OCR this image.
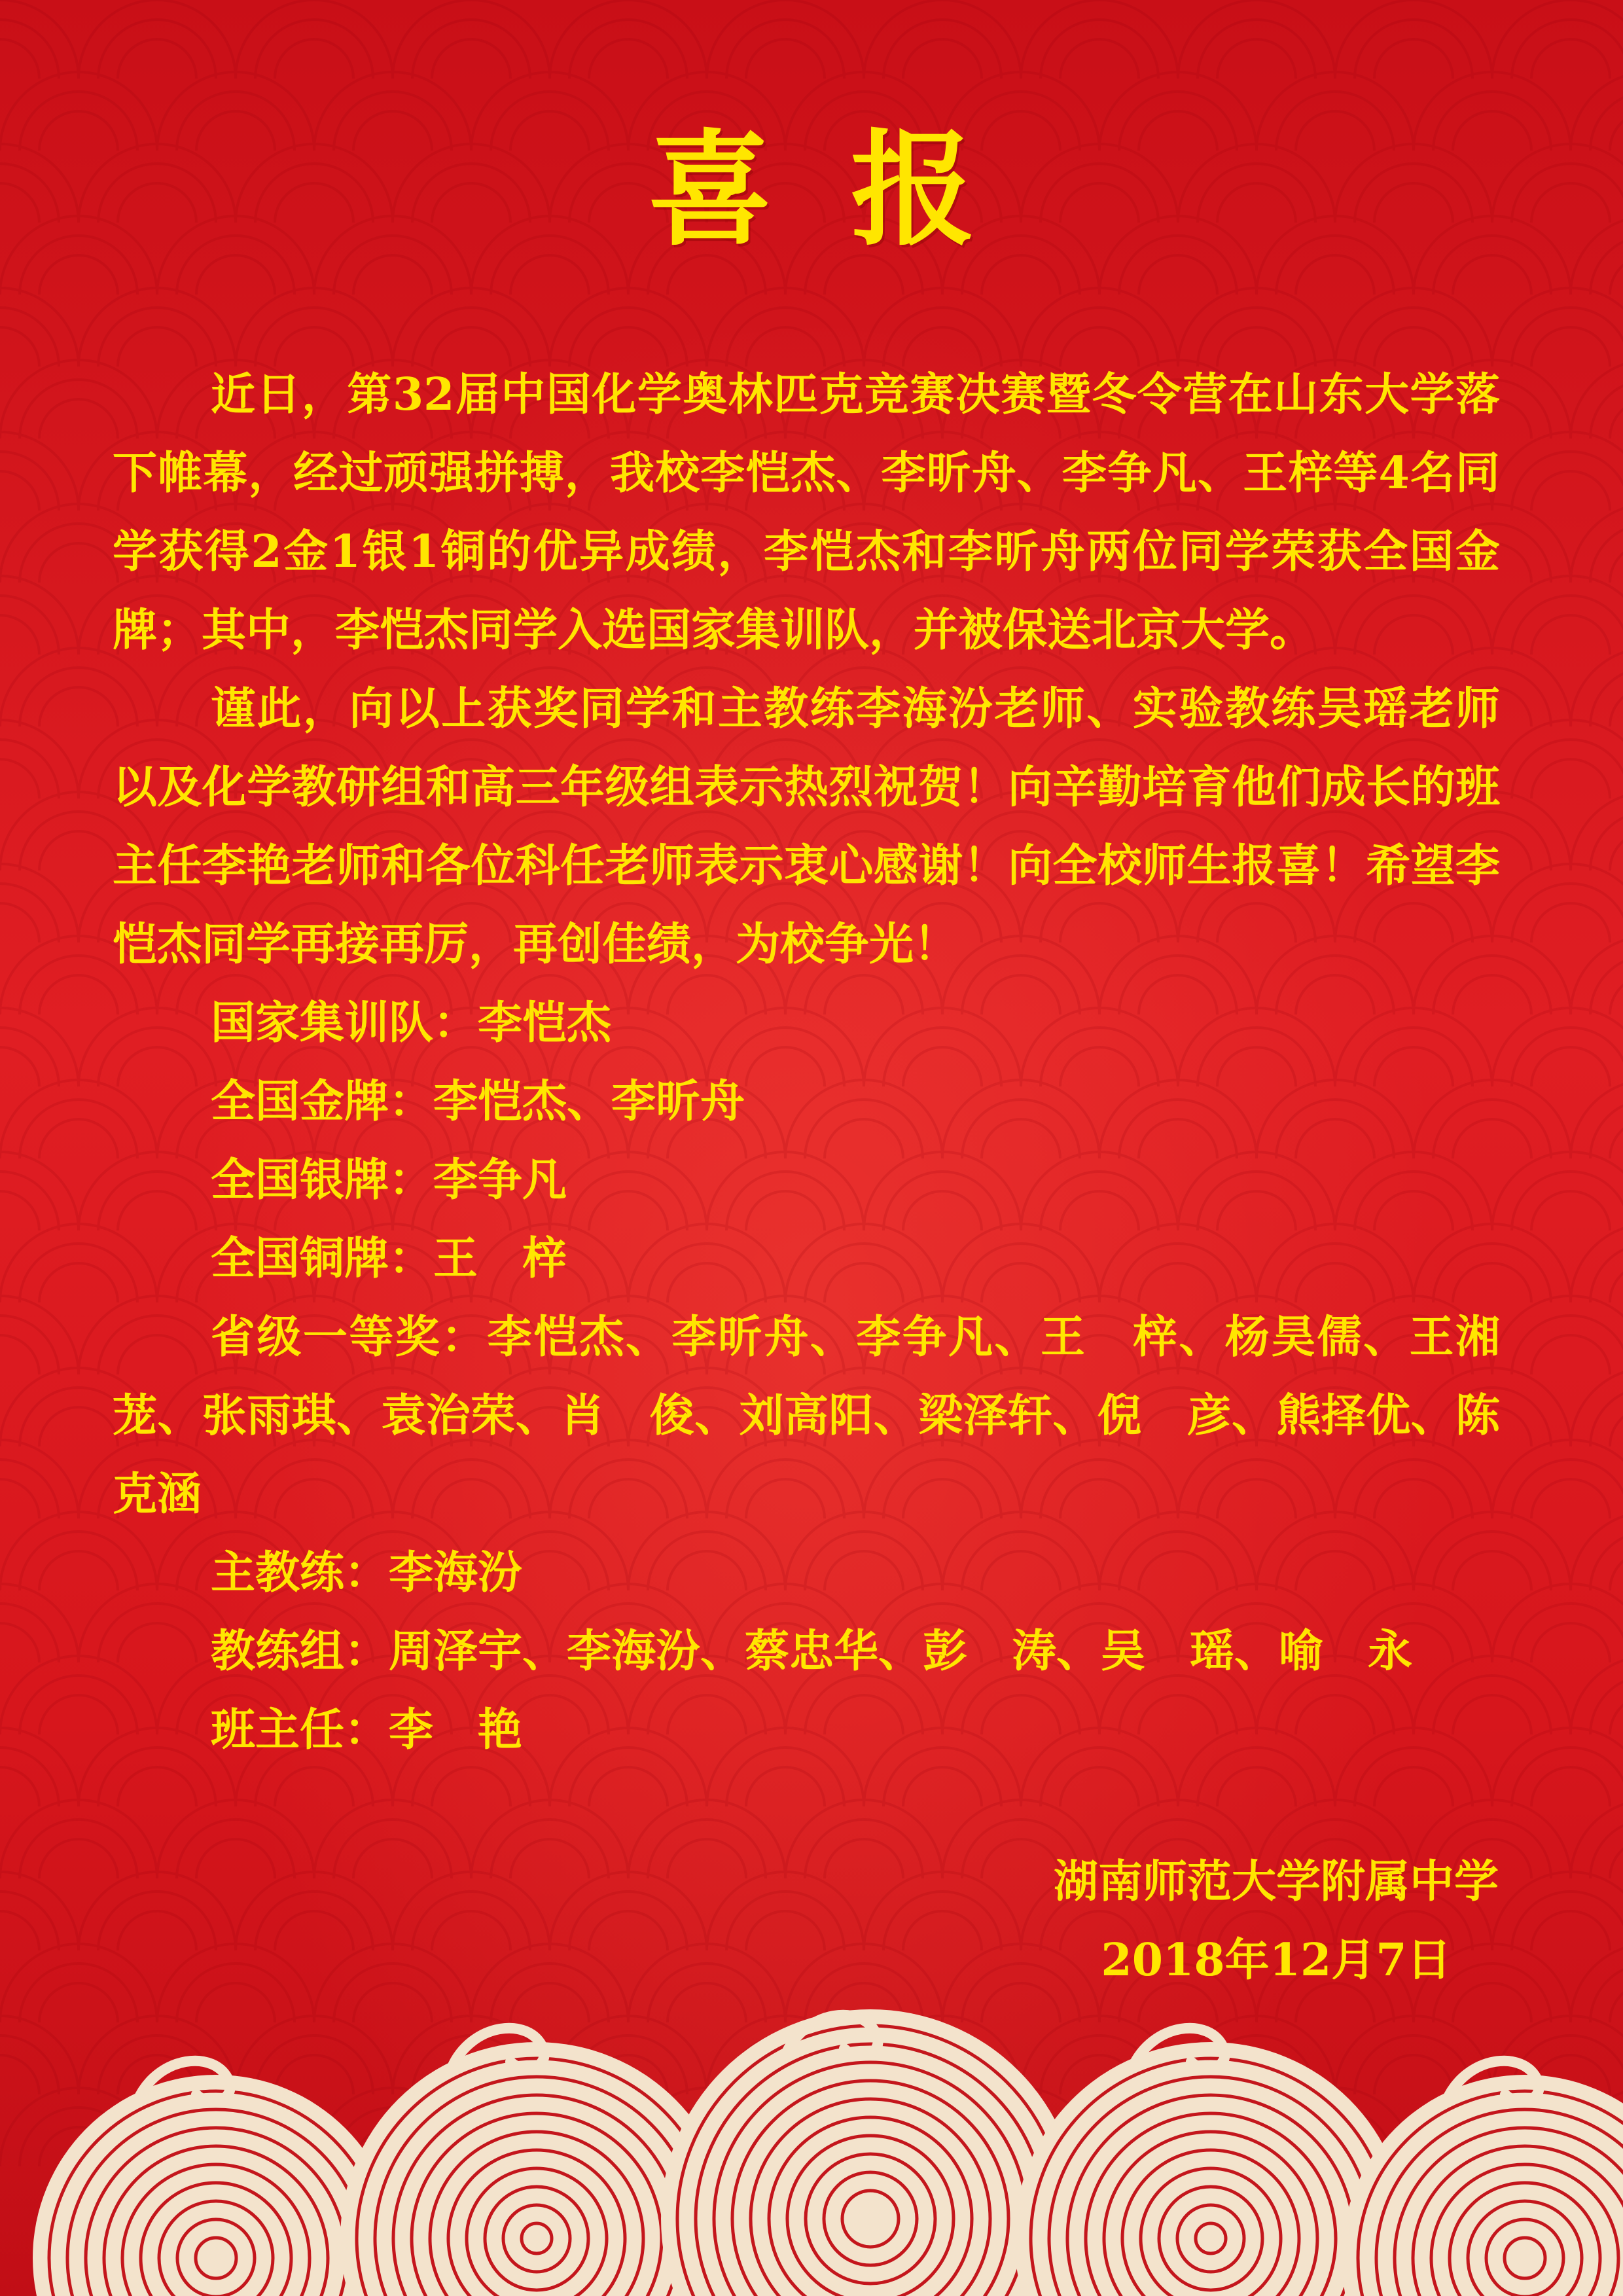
喜报

近日，第32届中国化学奥林匹克竞赛决赛暨冬令营在山东大学落下帷幕，经过顽强拼搏，我校李恺杰、李昕舟、李争凡、王梓等4名同学获得2金1银1铜的优异成绩，李恺杰和李昕舟两位同学荣获全国金牌；其中，李恺杰同学入选国家集训队，并被保送北京大学。

谨此，向以上获奖同学和主教练李海汾老师、实验教练吴瑶老师以及化学教研组和高三年级组表示热烈祝贺！向辛勤培育他们成长的班主任李艳老师和各位科任老师表示衷心感谢！向全校师生报喜！希望李恺杰同学再接再厉，再创佳绩，为校争光！

国家集训队：李恺杰

全国金牌：李恺杰、李昕舟

全国银牌：李争凡

全国铜牌：王　梓

省级一等奖：李恺杰、李昕舟、李争凡、王　梓、杨昊儒、王湘茏、张雨琪、袁治荣、肖　俊、刘高阳、梁泽轩、倪　彦、熊择优、陈克涵

主教练：李海汾

教练组：周泽宇、李海汾、蔡忠华、彭　涛、吴　瑶、喻　永

班主任：李　艳

湖南师范大学附属中学

2018年12月7日
